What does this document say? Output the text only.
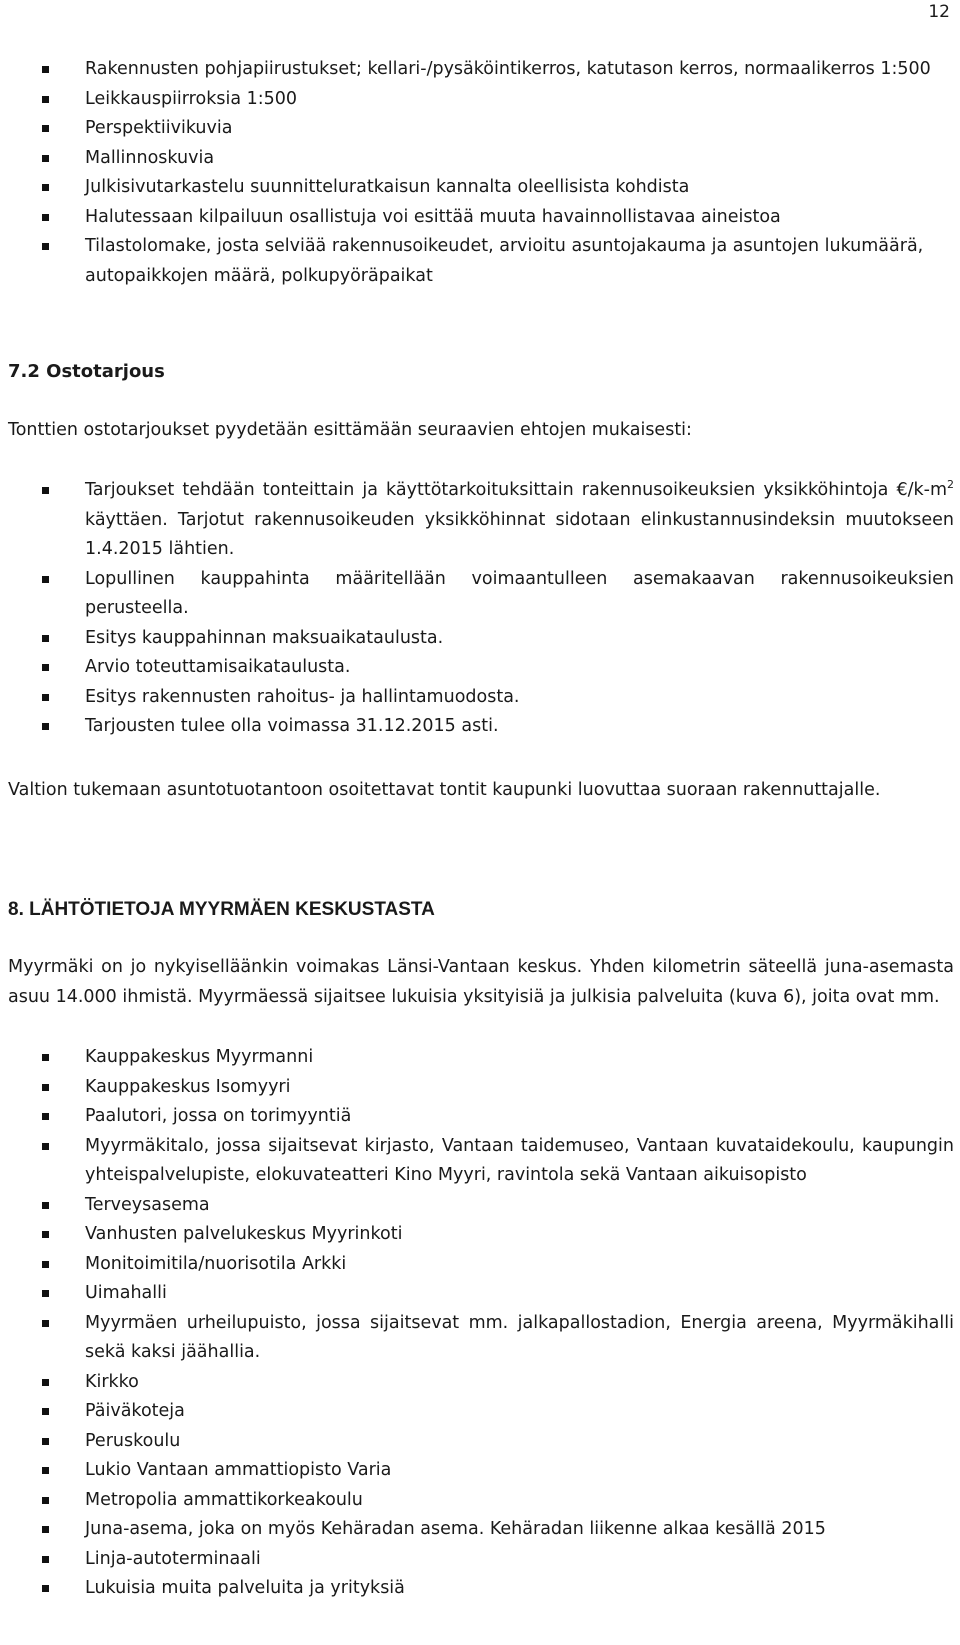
12
Rakennusten pohjapiirustukset; kellari-/pysäköintikerros, katutason kerros, normaalikerros 1:500
Leikkauspiirroksia 1:500
Perspektiivikuvia
Mallinnoskuvia
Julkisivutarkastelu suunnitteluratkaisun kannalta oleellisista kohdista
Halutessaan kilpailuun osallistuja voi esittää muuta havainnollistavaa aineistoa
Tilastolomake, josta selviää rakennusoikeudet, arvioitu asuntojakauma ja asuntojen lukumäärä, autopaikkojen määrä, polkupyöräpaikat
7.2 Ostotarjous

Tonttien ostotarjoukset pyydetään esittämään seuraavien ehtojen mukaisesti:

Tarjoukset tehdään tonteittain ja käyttötarkoituksittain rakennusoikeuksien yksikköhintoja $€/k-m^2$ käyttäen. Tarjotut rakennusoikeuden yksikköhinnat sidotaan elinkustannusindeksin muutokseen 1.4.2015 lähtien.
Lopullinen kauppahinta määritellään voimaantulleen asemakaavan rakennusoikeuksien perusteella.
Esitys kauppahinnan maksuaikataulusta.
Arvio toteuttamisaikataulusta.
Esitys rakennusten rahoitus- ja hallintamuodosta.
Tarjousten tulee olla voimassa 31.12.2015 asti.

Valtion tukemaan asuntotuotantoon osoitettavat tontit kaupunki luovuttaa suoraan rakennuttajalle.

8. LÄHTÖTIETOJA MYYRMÄEN KESKUSTASTA

Myyrmäki on jo nykyiselläänkin voimakas Länsi-Vantaan keskus. Yhden kilometrin säteellä juna-asemasta asuu 14.000 ihmistä. Myyrmäessä sijaitsee lukuisia yksityisiä ja julkisia palveluita (kuva 6), joita ovat mm.

Kauppakeskus Myyrmanni
Kauppakeskus Isomyyri
Paalutori, jossa on torimyyntiä
Myyrmäkitalo, jossa sijaitsevat kirjasto, Vantaan taidemuseo, Vantaan kuvataidekoulu, kaupungin yhteispalvelupiste, elokuvateatteri Kino Myyri, ravintola sekä Vantaan aikuisopisto
Terveysasema
Vanhusten palvelukeskus Myyrinkoti
Monitoimitila/nuorisotila Arkki
Uimahalli
Myyrmäen urheilupuisto, jossa sijaitsevat mm. jalkapallostadion, Energia areena, Myyrmäkihalli sekä kaksi jäähallia.
Kirkko
Päiväkoteja
Peruskoulu
Lukio Vantaan ammattiopisto Varia
Metropolia ammattikorkeakoulu
Juna-asema, joka on myös Kehäradan asema. Kehäradan liikenne alkaa kesällä 2015
Linja-autoterminaali
Lukuisia muita palveluita ja yrityksiä
